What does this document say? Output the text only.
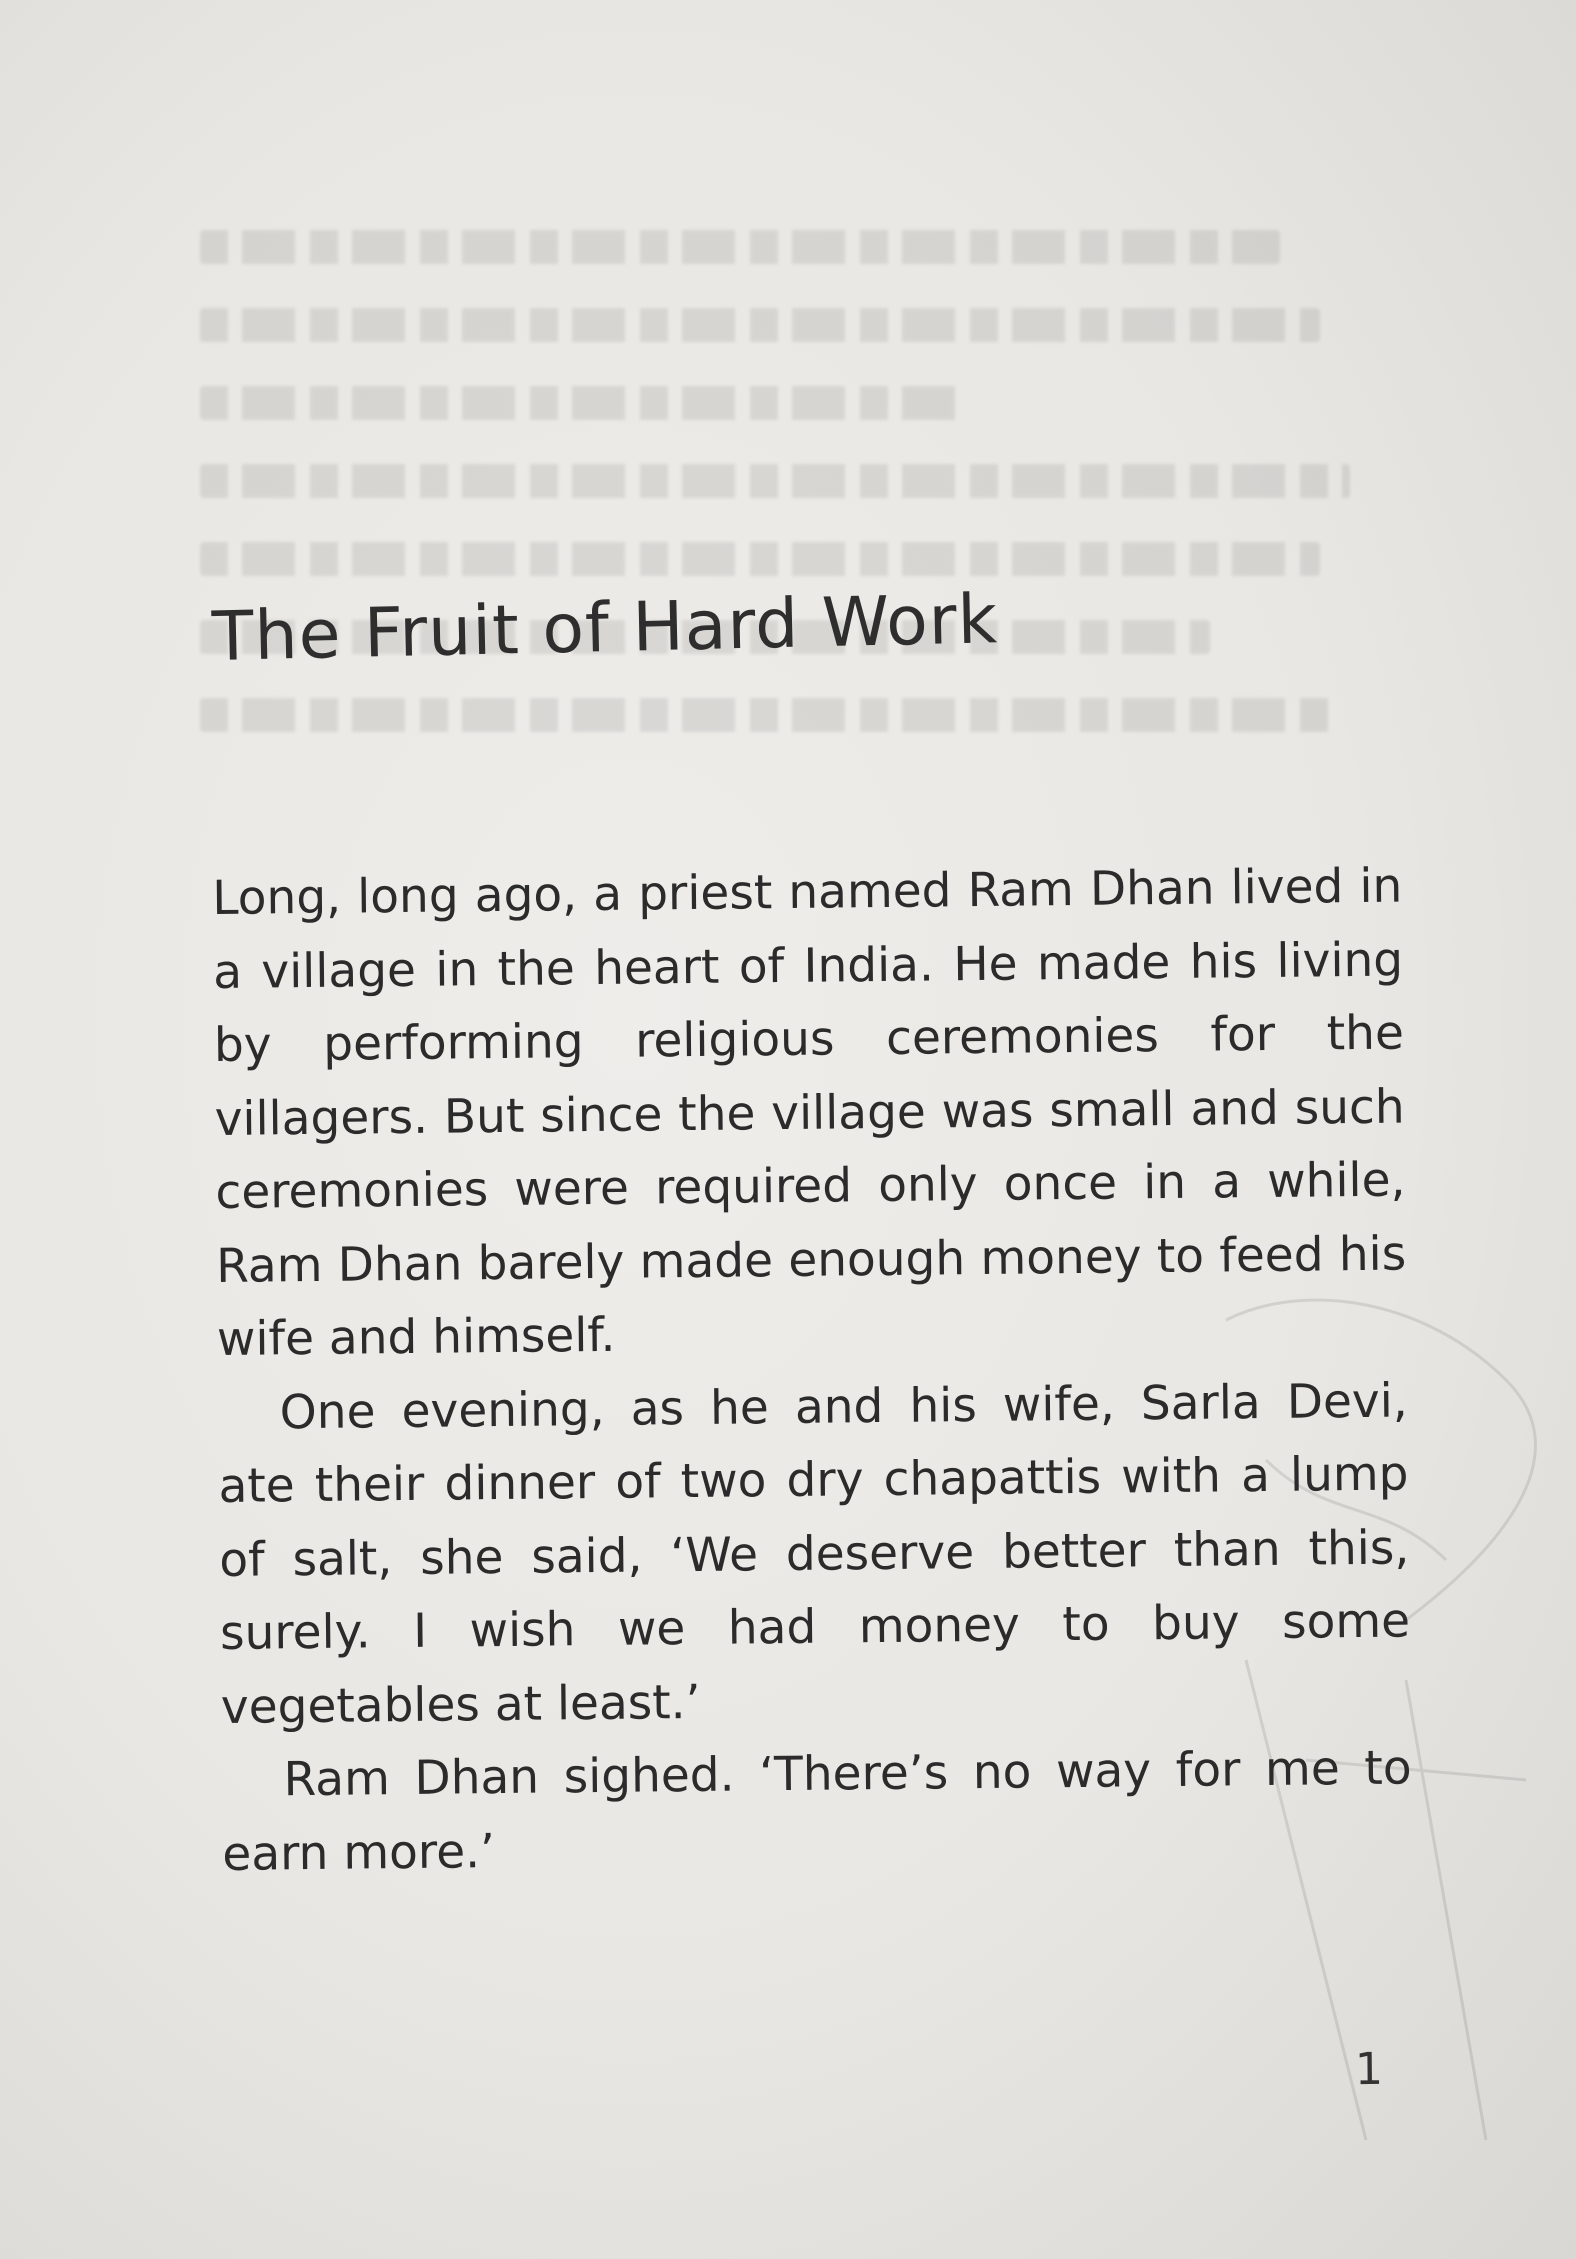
The Fruit of Hard Work

Long, long ago, a priest named Ram Dhan lived in a village in the heart of India. He made his living by performing religious ceremonies for the villagers. But since the village was small and such ceremonies were required only once in a while, Ram Dhan barely made enough money to feed his wife and himself.

One evening, as he and his wife, Sarla Devi, ate their dinner of two dry chapattis with a lump of salt, she said, ‘We deserve better than this, surely. I wish we had money to buy some vegetables at least.’

Ram Dhan sighed. ‘There’s no way for me to earn more.’

1
